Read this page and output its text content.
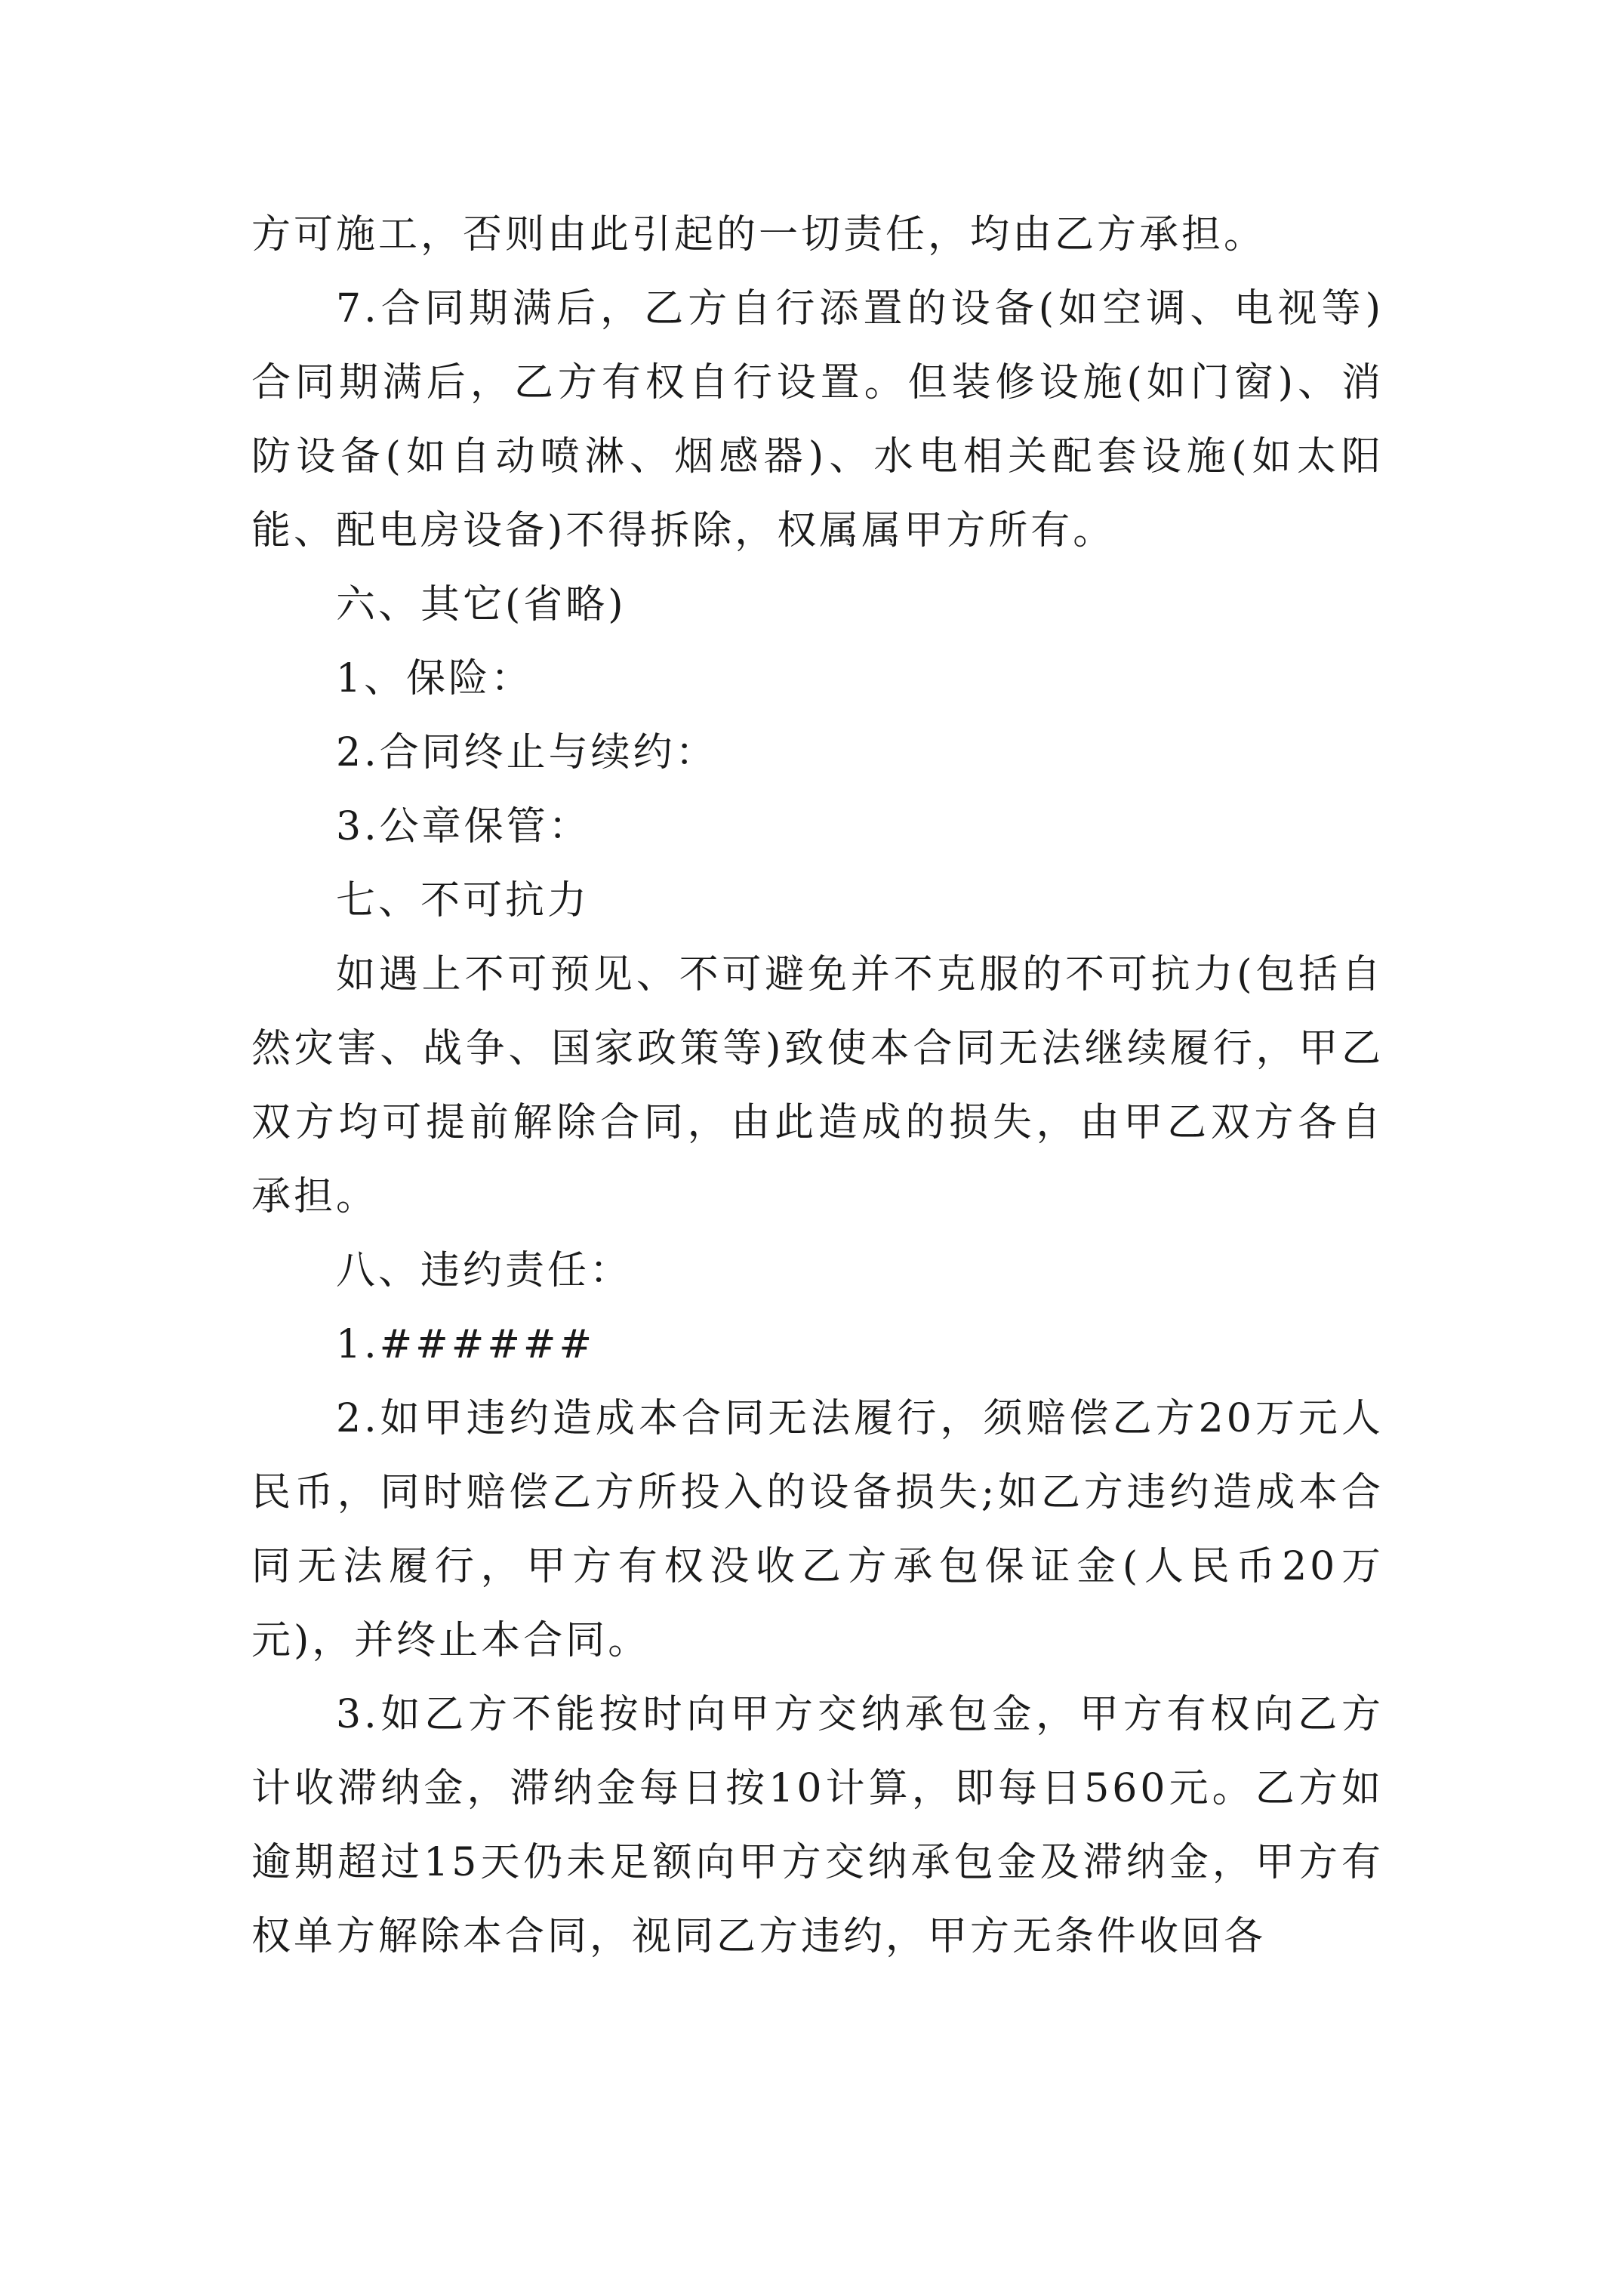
方可施工，否则由此引起的一切责任，均由乙方承担。

7.合同期满后，乙方自行添置的设备(如空调、电视等)合同期满后，乙方有权自行设置。但装修设施(如门窗)、消防设备(如自动喷淋、烟感器)、水电相关配套设施(如太阳能、配电房设备)不得拆除，权属属甲方所有。

六、其它(省略)

1、保险：

2.合同终止与续约：

3.公章保管：

七、不可抗力

如遇上不可预见、不可避免并不克服的不可抗力(包括自然灾害、战争、国家政策等)致使本合同无法继续履行，甲乙双方均可提前解除合同，由此造成的损失，由甲乙双方各自承担。

八、违约责任：

1.######

2.如甲违约造成本合同无法履行，须赔偿乙方20万元人民币，同时赔偿乙方所投入的设备损失;如乙方违约造成本合同无法履行，甲方有权没收乙方承包保证金(人民币20万元)，并终止本合同。

3.如乙方不能按时向甲方交纳承包金，甲方有权向乙方计收滞纳金，滞纳金每日按10计算，即每日560元。乙方如逾期超过15天仍未足额向甲方交纳承包金及滞纳金，甲方有权单方解除本合同，视同乙方违约，甲方无条件收回各
